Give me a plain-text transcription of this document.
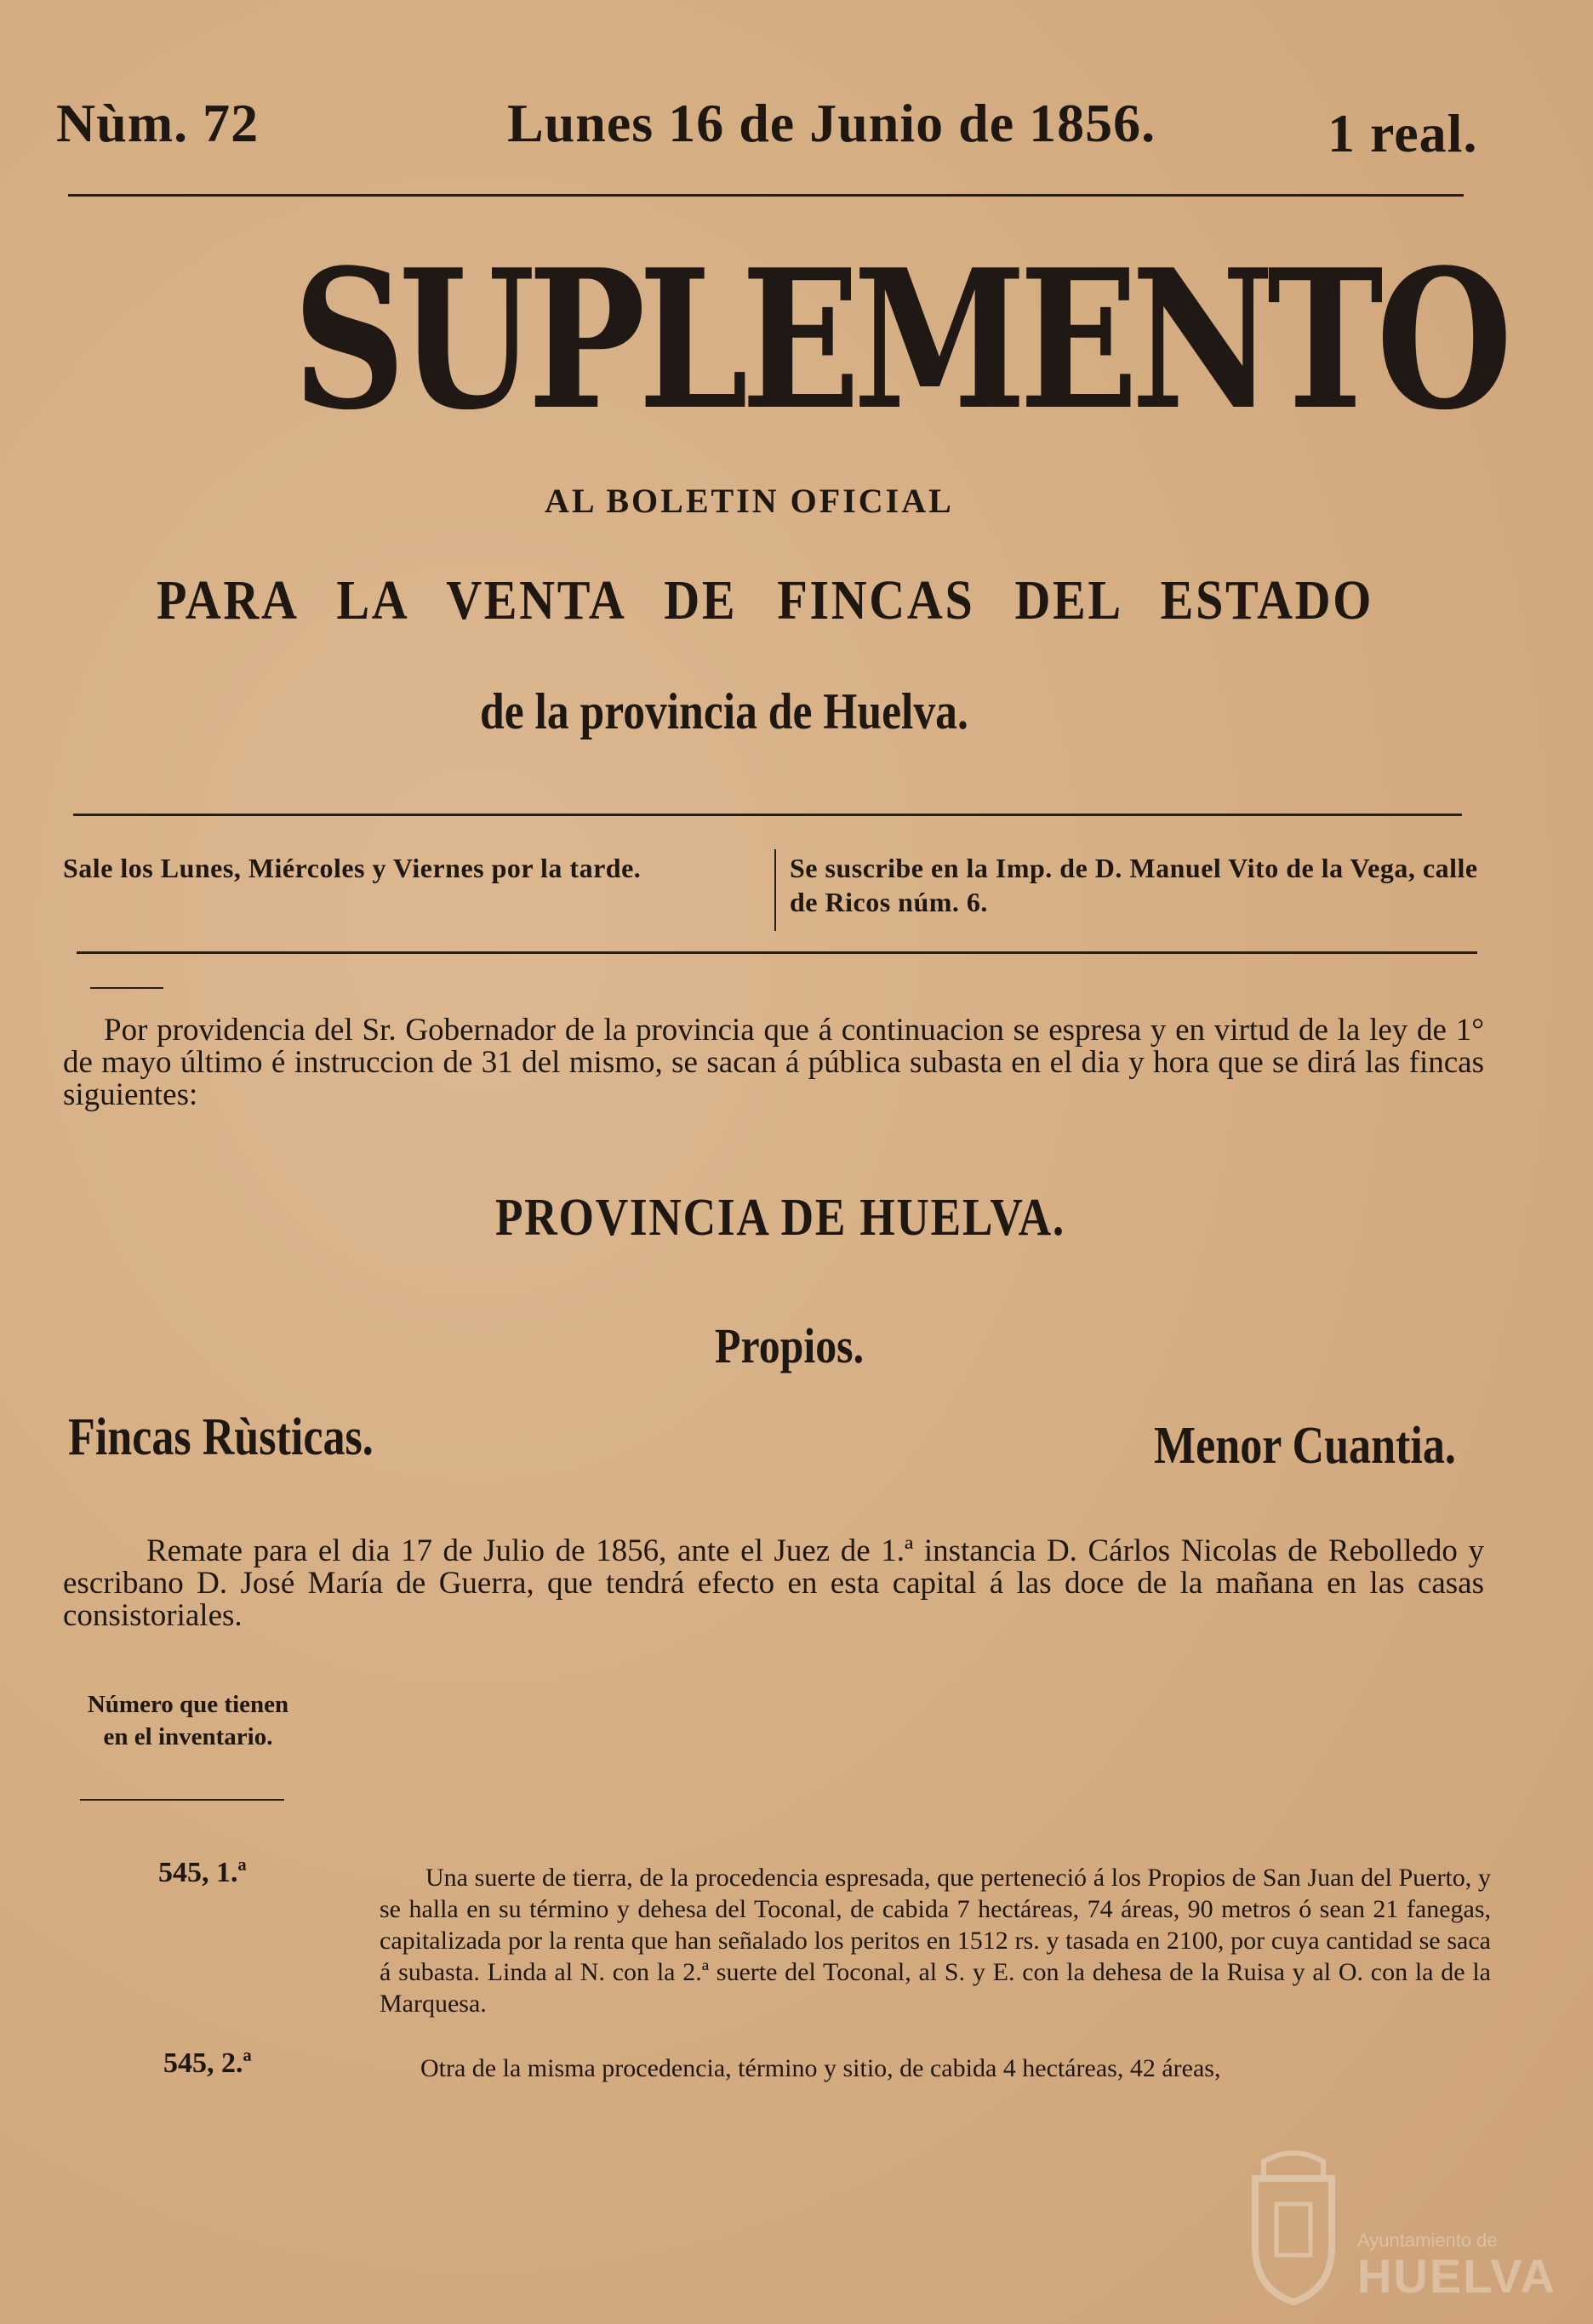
Nùm. 72	Lunes 16 de Junio de 1856.	1 real.
SUPLEMENTO
AL BOLETIN OFICIAL
PARA LA VENTA DE FINCAS DEL ESTADO
de la provincia de Huelva.
Sale los Lunes, Miércoles y Viernes por la tarde.	Se suscribe en la Imp. de D. Manuel Vito de la Vega, calle de Ricos núm. 6.
Por providencia del Sr. Gobernador de la provincia que á continuacion se espresa y en virtud de la ley de 1° de mayo último é instruccion de 31 del mismo, se sacan á pública subasta en el dia y hora que se dirá las fincas siguientes:
PROVINCIA DE HUELVA.
Propios.
Fincas Rùsticas.	Menor Cuantia.
Remate para el dia 17 de Julio de 1856, ante el Juez de 1.ª instancia D. Cárlos Nicolas de Rebolledo y escribano D. José María de Guerra, que tendrá efecto en esta capital á las doce de la mañana en las casas consistoriales.
Número que tienen en el inventario.
545, 1.ª	Una suerte de tierra, de la procedencia espresada, que perteneció á los Propios de San Juan del Puerto, y se halla en su término y dehesa del Toconal, de cabida 7 hectáreas, 74 áreas, 90 metros ó sean 21 fanegas, capitalizada por la renta que han señalado los peritos en 1512 rs. y tasada en 2100, por cuya cantidad se saca á subasta. Linda al N. con la 2.ª suerte del Toconal, al S. y E. con la dehesa de la Ruisa y al O. con la de la Marquesa.
545, 2.ª	Otra de la misma procedencia, término y sitio, de cabida 4 hectáreas, 42 áreas,
Ayuntamiento de
HUELVA
